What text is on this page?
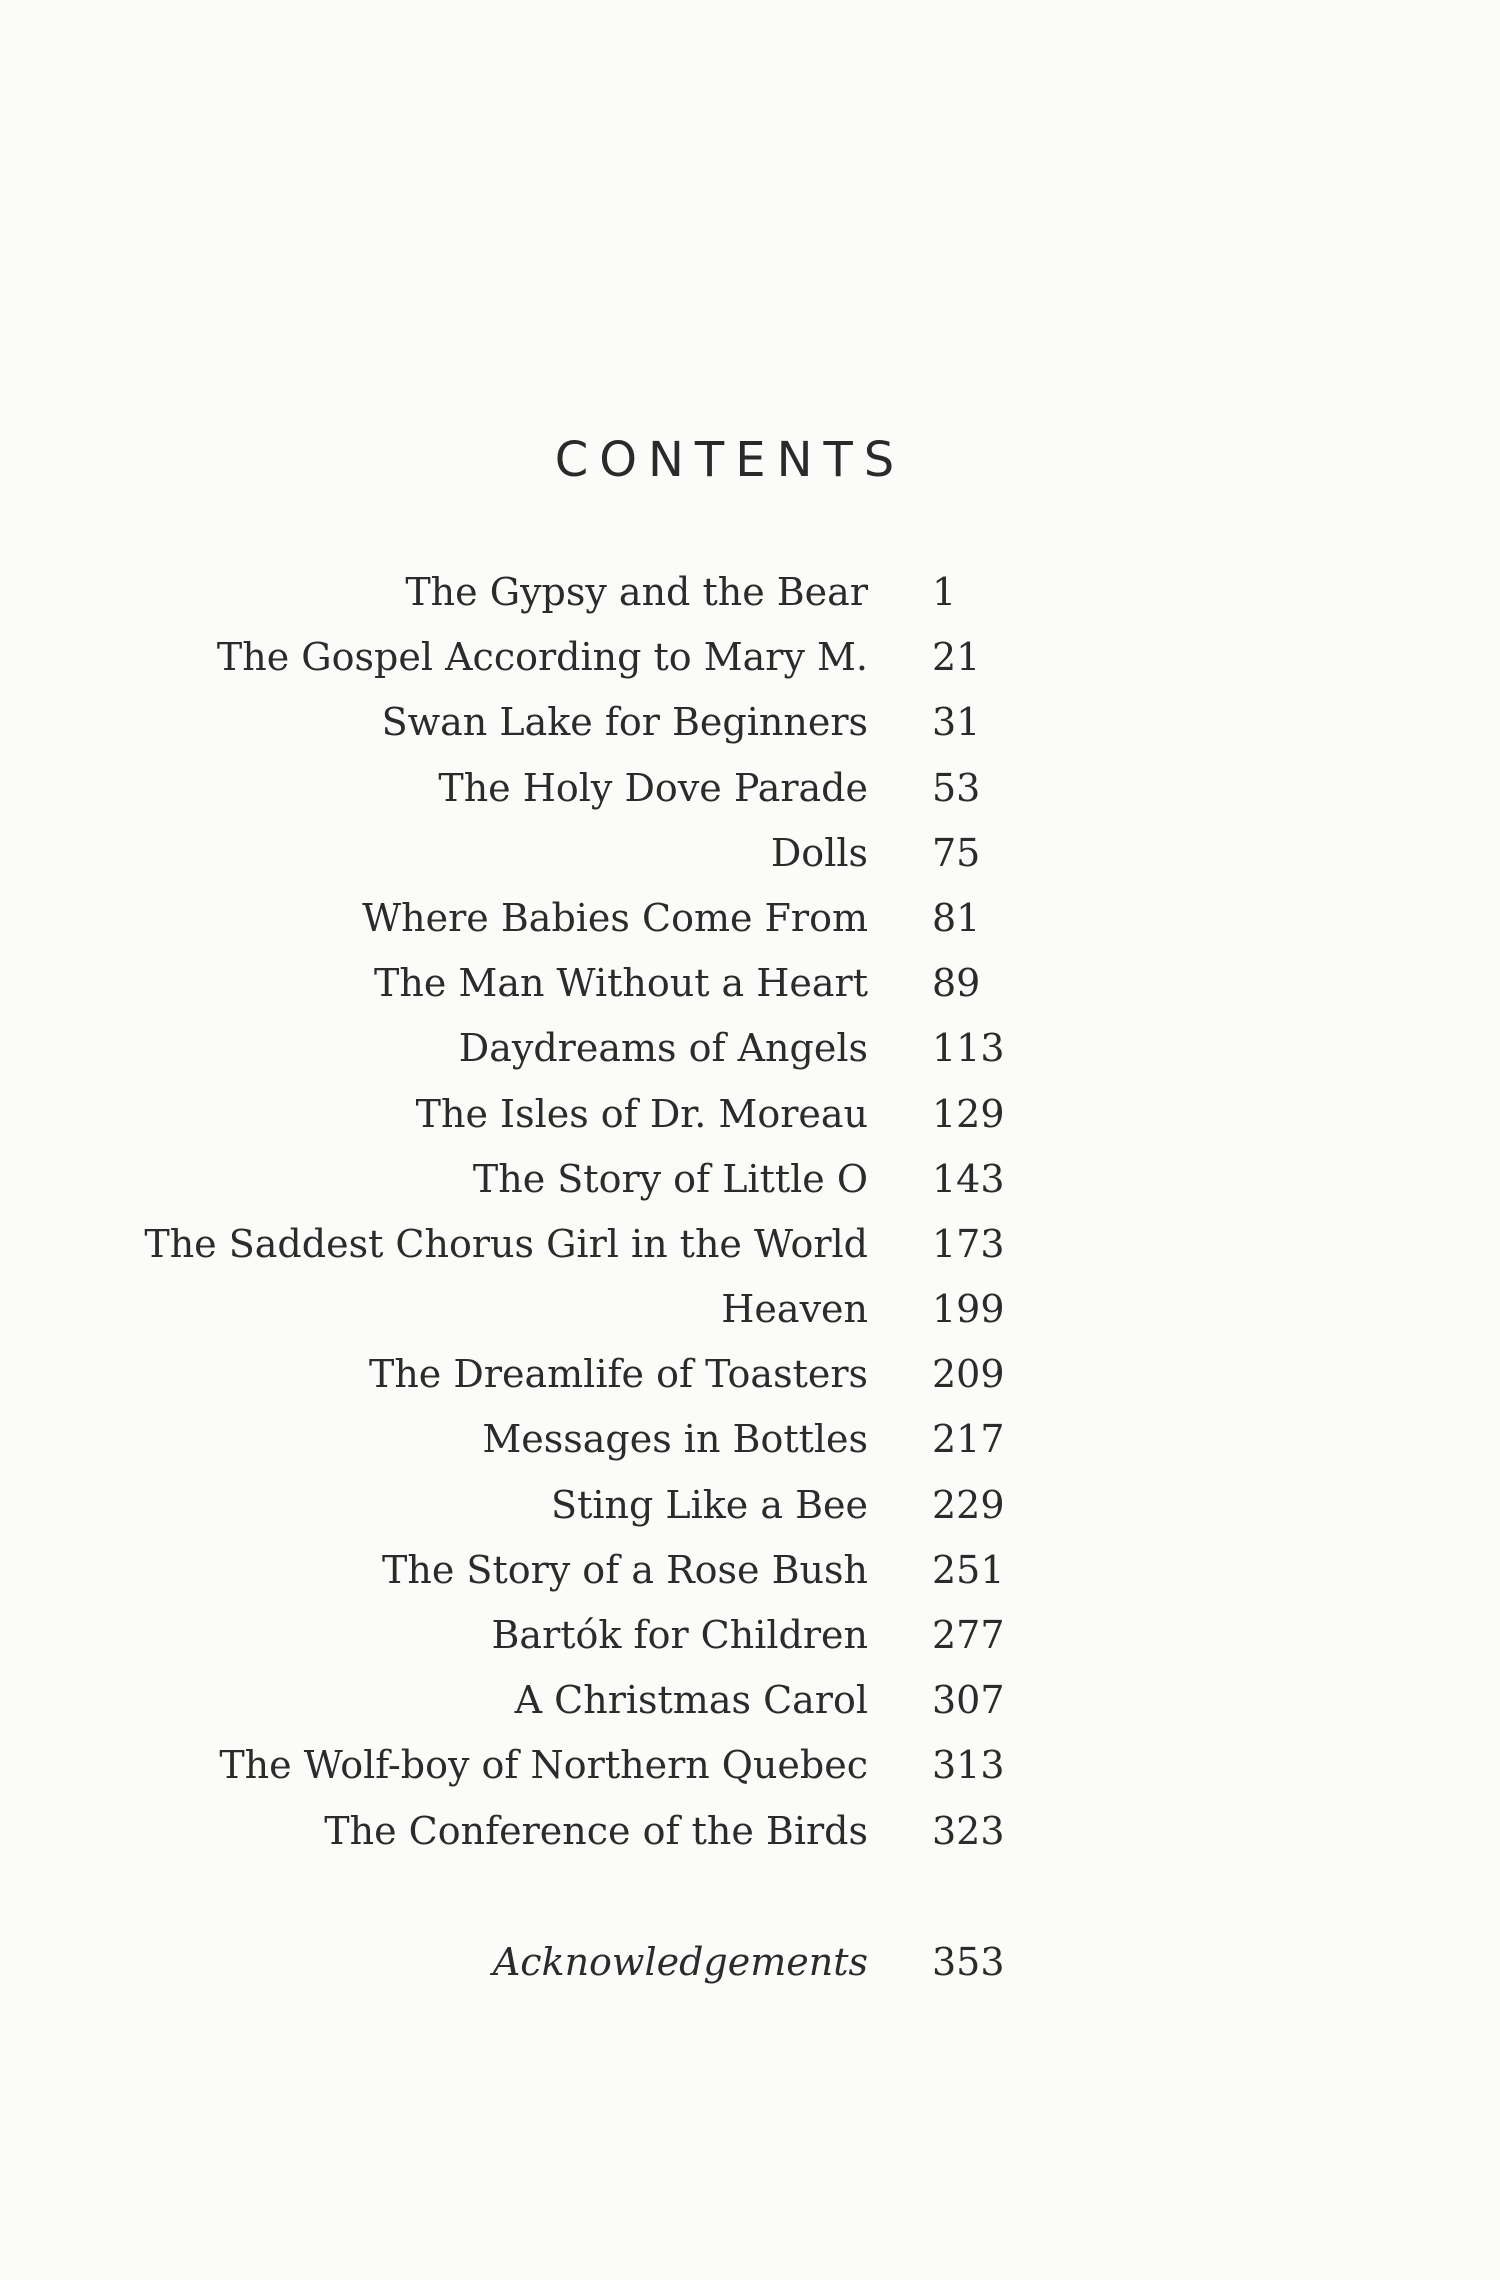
CONTENTS
The Gypsy and the Bear 1
The Gospel According to Mary M. 21
Swan Lake for Beginners 31
The Holy Dove Parade 53
Dolls 75
Where Babies Come From 81
The Man Without a Heart 89
Daydreams of Angels 113
The Isles of Dr. Moreau 129
The Story of Little O 143
The Saddest Chorus Girl in the World 173
Heaven 199
The Dreamlife of Toasters 209
Messages in Bottles 217
Sting Like a Bee 229
The Story of a Rose Bush 251
Bartók for Children 277
A Christmas Carol 307
The Wolf-boy of Northern Quebec 313
The Conference of the Birds 323
Acknowledgements 353
